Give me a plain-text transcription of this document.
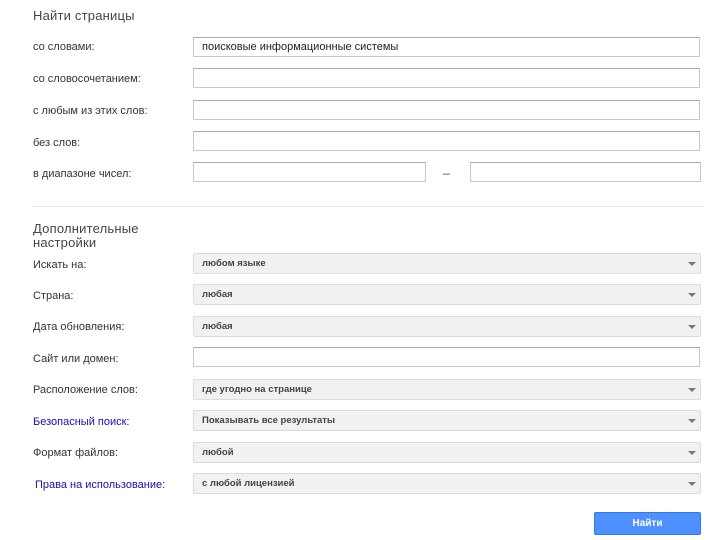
Найти страницы
со словами:	поисковые информационные системы
со словосочетанием:
с любым из этих слов:
без слов:
в диапазоне чисел:	–
Дополнительные
настройки
Искать на:	любом языке
Страна:	любая
Дата обновления:	любая
Сайт или домен:
Расположение слов:	где угодно на странице
Безопасный поиск:	Показывать все результаты
Формат файлов:	любой
Права на использование:	с любой лицензией
Найти
